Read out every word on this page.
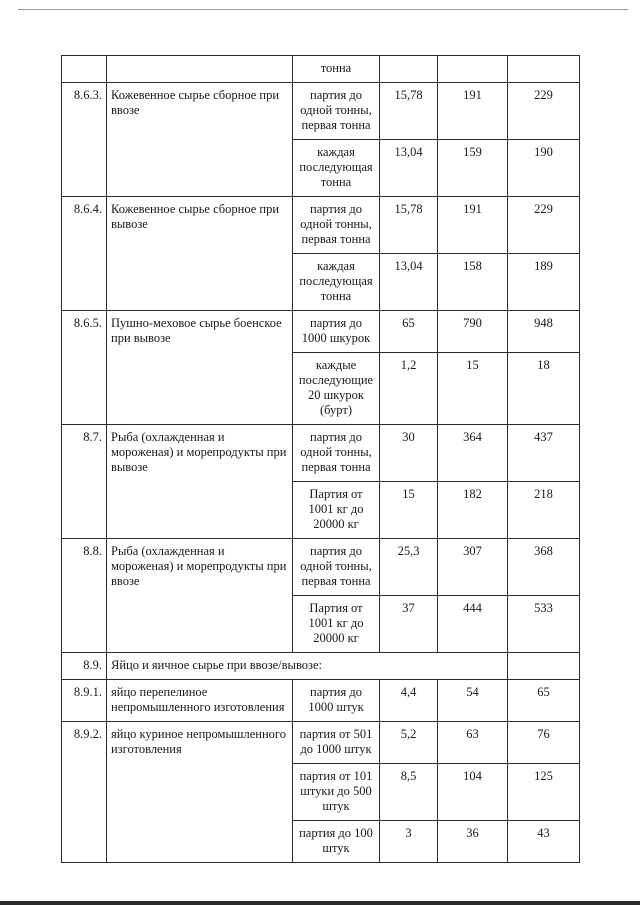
		тонна			
8.6.3.	Кожевенное сырье сборное при ввозе	партия до одной тонны, первая тонна	15,78	191	229
		каждая последующая тонна	13,04	159	190
8.6.4.	Кожевенное сырье сборное при вывозе	партия до одной тонны, первая тонна	15,78	191	229
		каждая последующая тонна	13,04	158	189
8.6.5.	Пушно-меховое сырье боенское при вывозе	партия до 1000 шкурок	65	790	948
		каждые последующие 20 шкурок (бурт)	1,2	15	18
8.7.	Рыба (охлажденная и мороженая) и морепродукты при вывозе	партия до одной тонны, первая тонна	30	364	437
		Партия от 1001 кг до 20000 кг	15	182	218
8.8.	Рыба (охлажденная и мороженая) и морепродукты при ввозе	партия до одной тонны, первая тонна	25,3	307	368
		Партия от 1001 кг до 20000 кг	37	444	533
8.9.	Яйцо и яичное сырье при ввозе/вывозе:				
8.9.1.	яйцо перепелиное непромышленного изготовления	партия до 1000 штук	4,4	54	65
8.9.2.	яйцо куриное непромышленного изготовления	партия от 501 до 1000 штук	5,2	63	76
		партия от 101 штуки до 500 штук	8,5	104	125
		партия до 100 штук	3	36	43
